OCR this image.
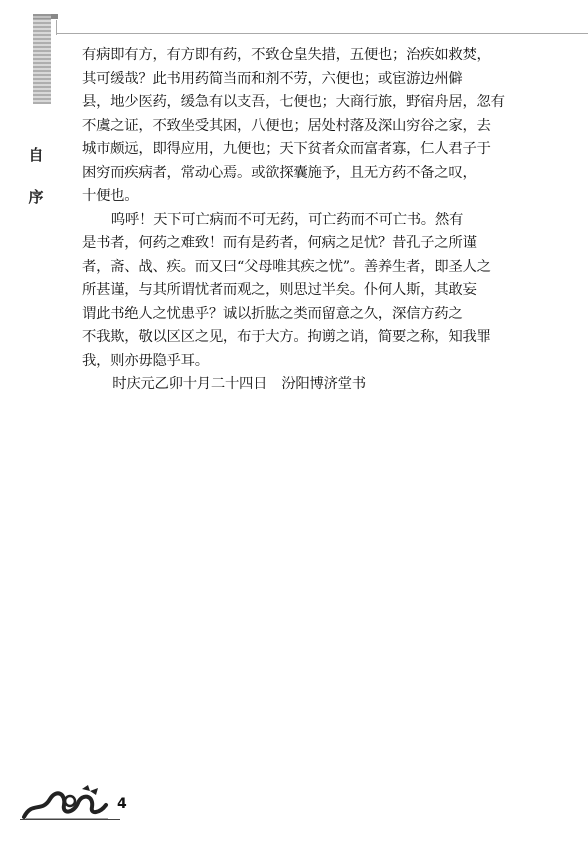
自
序

有病即有方，有方即有药，不致仓皇失措，五便也；治疾如救焚，
其可缓哉？此书用药简当而和剂不劳，六便也；或宦游边州僻
县，地少医药，缓急有以支吾，七便也；大商行旅，野宿舟居，忽有
不虞之证，不致坐受其困，八便也；居处村落及深山穷谷之家，去
城市颇远，即得应用，九便也；天下贫者众而富者寡，仁人君子于
困穷而疾病者，常动心焉。或欲探囊施予，且无方药不备之叹，
十便也。

呜呼！天下可亡病而不可无药，可亡药而不可亡书。然有

是书者，何药之难致！而有是药者，何病之足忧？昔孔子之所谨
者，斋、战、疾。而又曰“父母唯其疾之忧”。善养生者，即圣人之
所甚谨，与其所谓忧者而观之，则思过半矣。仆何人斯，其敢妄
谓此书绝人之忧患乎？诚以折肱之类而留意之久，深信方药之
不我欺，敬以区区之见，布于大方。拘谫之诮，简要之称，知我罪
我，则亦毋隐乎耳。

时庆元乙卯十月二十四日　汾阳博济堂书

4
